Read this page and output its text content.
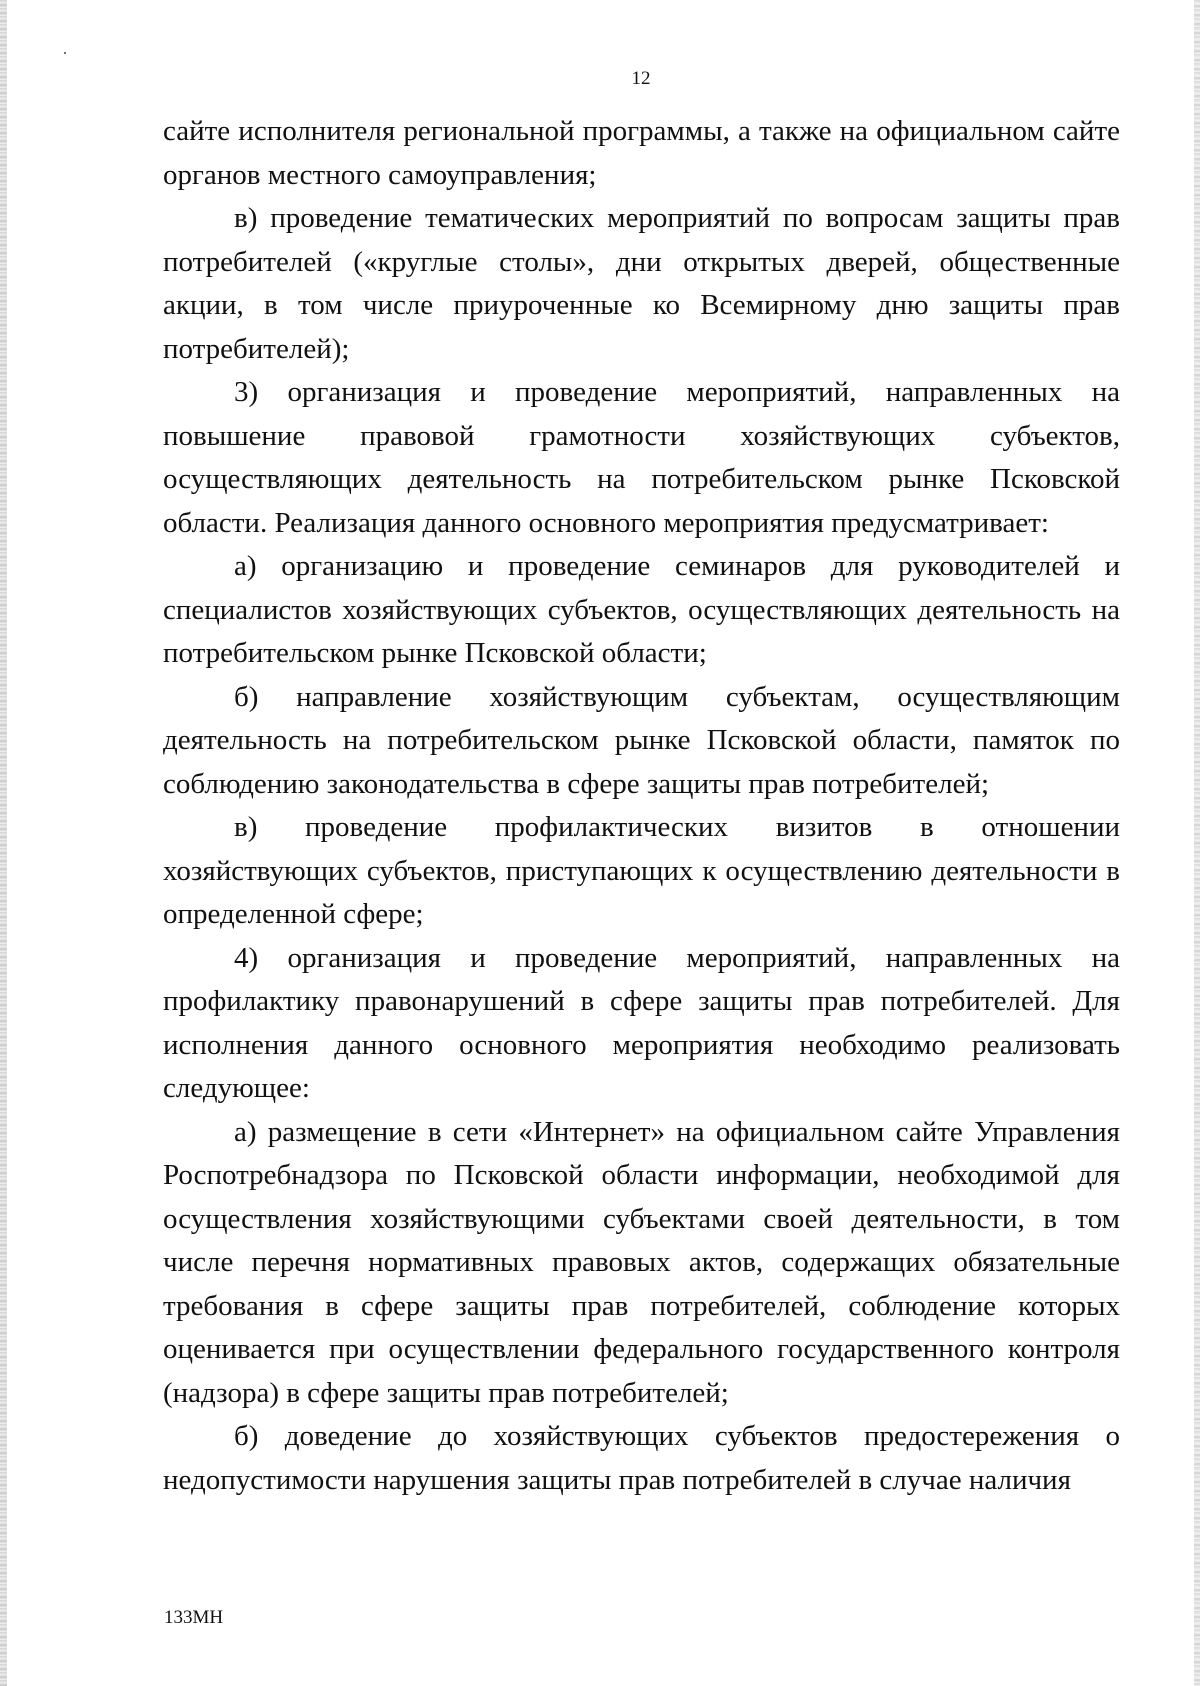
12

сайте исполнителя региональной программы, а также на официальном сайте органов местного самоуправления;

в) проведение тематических мероприятий по вопросам защиты прав потребителей («круглые столы», дни открытых дверей, общественные акции, в том числе приуроченные ко Всемирному дню защиты прав потребителей);

3) организация и проведение мероприятий, направленных на повышение правовой грамотности хозяйствующих субъектов, осуществляющих деятельность на потребительском рынке Псковской области. Реализация данного основного мероприятия предусматривает:

а) организацию и проведение семинаров для руководителей и специалистов хозяйствующих субъектов, осуществляющих деятельность на потребительском рынке Псковской области;

б) направление хозяйствующим субъектам, осуществляющим деятельность на потребительском рынке Псковской области, памяток по соблюдению законодательства в сфере защиты прав потребителей;

в) проведение профилактических визитов в отношении хозяйствующих субъектов, приступающих к осуществлению деятельности в определенной сфере;

4) организация и проведение мероприятий, направленных на профилактику правонарушений в сфере защиты прав потребителей. Для исполнения данного основного мероприятия необходимо реализовать следующее:

а) размещение в сети «Интернет» на официальном сайте Управления Роспотребнадзора по Псковской области информации, необходимой для осуществления хозяйствующими субъектами своей деятельности, в том числе перечня нормативных правовых актов, содержащих обязательные требования в сфере защиты прав потребителей, соблюдение которых оценивается при осуществлении федерального государственного контроля (надзора) в сфере защиты прав потребителей;

б) доведение до хозяйствующих субъектов предостережения о недопустимости нарушения защиты прав потребителей в случае наличия

133МН
